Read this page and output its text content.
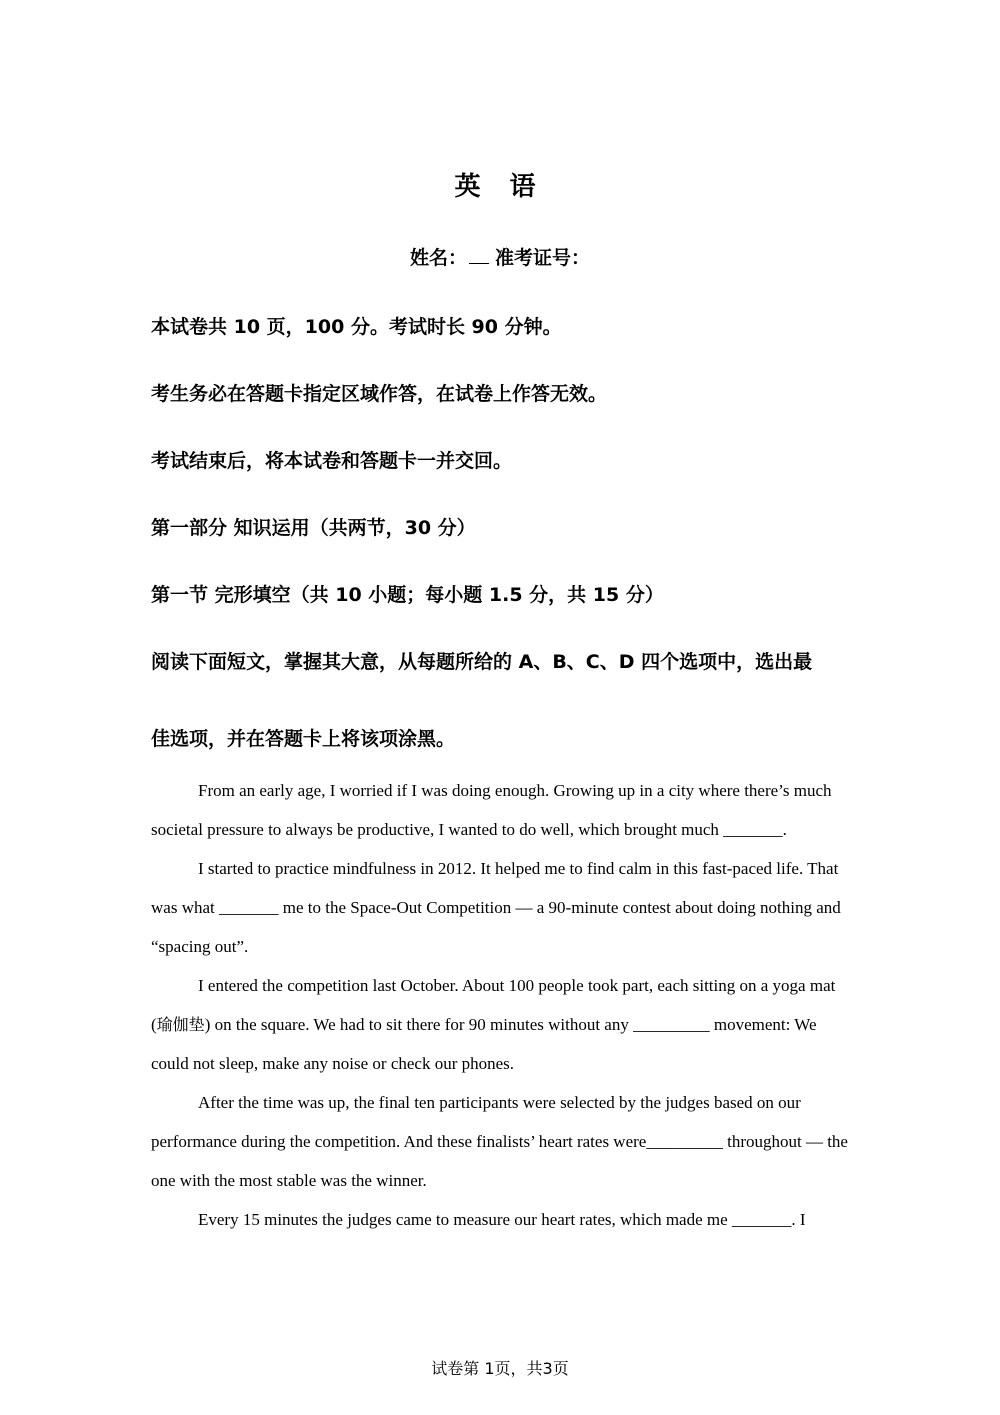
英 语
姓名： 准考证号：
本试卷共 10 页，100 分。考试时长 90 分钟。
考生务必在答题卡指定区域作答，在试卷上作答无效。
考试结束后，将本试卷和答题卡一并交回。
第一部分 知识运用（共两节，30 分）
第一节 完形填空（共 10 小题；每小题 1.5 分，共 15 分）
阅读下面短文，掌握其大意，从每题所给的 A、B、C、D 四个选项中，选出最
佳选项，并在答题卡上将该项涂黑。

From an early age, I worried if I was doing enough. Growing up in a city where there’s much societal pressure to always be productive, I wanted to do well, which brought much _______.

I started to practice mindfulness in 2012. It helped me to find calm in this fast-paced life. That was what _______ me to the Space-Out Competition — a 90-minute contest about doing nothing and “spacing out”.

I entered the competition last October. About 100 people took part, each sitting on a yoga mat (瑜伽垫) on the square. We had to sit there for 90 minutes without any _________ movement: We could not sleep, make any noise or check our phones.

After the time was up, the final ten participants were selected by the judges based on our performance during the competition. And these finalists’ heart rates were_________ throughout — the one with the most stable was the winner.

Every 15 minutes the judges came to measure our heart rates, which made me _______. I

试卷第 1页，共3页
